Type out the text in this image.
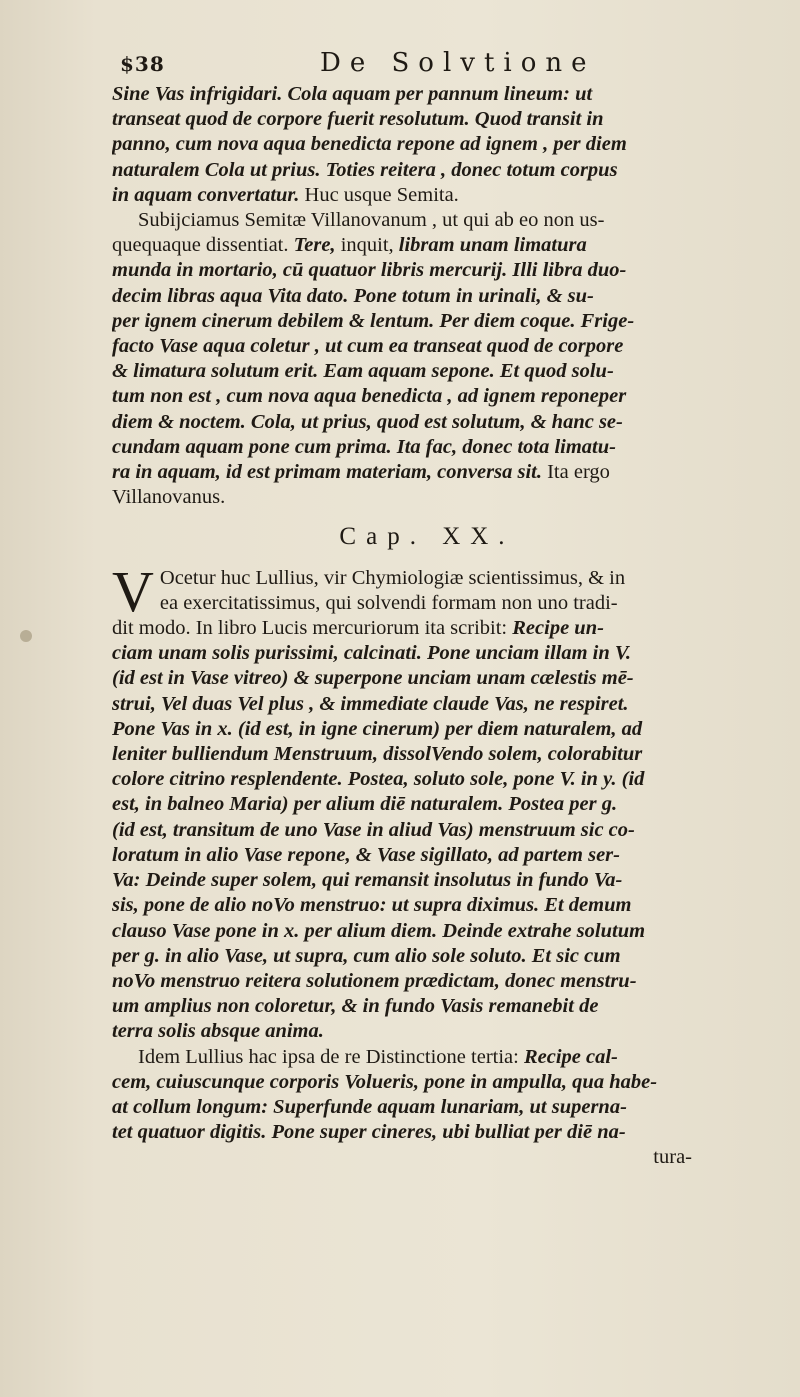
$38	De Solvtione
Sine Vas infrigidari. Cola aquam per pannum lineum: ut
transeat quod de corpore fuerit resolutum. Quod transit in
panno, cum nova aqua benedicta repone ad ignem , per diem
naturalem Cola ut prius. Toties reitera , donec totum corpus
in aquam convertatur. Huc usque Semita.
Subijciamus Semitæ Villanovanum , ut qui ab eo non us-
quequaque dissentiat. Tere, inquit, libram unam limatura
munda in mortario, cū quatuor libris mercurij. Illi libra duo-
decim libras aqua Vita dato. Pone totum in urinali, & su-
per ignem cinerum debilem & lentum. Per diem coque. Frige-
facto Vase aqua coletur , ut cum ea transeat quod de corpore
& limatura solutum erit. Eam aquam sepone. Et quod solu-
tum non est , cum nova aqua benedicta , ad ignem reponeper
diem & noctem. Cola, ut prius, quod est solutum, & hanc se-
cundam aquam pone cum prima. Ita fac, donec tota limatu-
ra in aquam, id est primam materiam, conversa sit. Ita ergo
Villanovanus.
Cap. XX.
V Ocetur huc Lullius, vir Chymiologiæ scientissimus, & in
ea exercitatissimus, qui solvendi formam non uno tradi-
dit modo. In libro Lucis mercuriorum ita scribit: Recipe un-
ciam unam solis purissimi, calcinati. Pone unciam illam in V.
(id est in Vase vitreo) & superpone unciam unam cælestis mē-
strui, Vel duas Vel plus , & immediate claude Vas, ne respiret.
Pone Vas in x. (id est, in igne cinerum) per diem naturalem, ad
leniter bulliendum Menstruum, dissolVendo solem, colorabitur
colore citrino resplendente. Postea, soluto sole, pone V. in y. (id
est, in balneo Maria) per alium diē naturalem. Postea per g.
(id est, transitum de uno Vase in aliud Vas) menstruum sic co-
loratum in alio Vase repone, & Vase sigillato, ad partem ser-
Va: Deinde super solem, qui remansit insolutus in fundo Va-
sis, pone de alio noVo menstruo: ut supra diximus. Et demum
clauso Vase pone in x. per alium diem. Deinde extrahe solutum
per g. in alio Vase, ut supra, cum alio sole soluto. Et sic cum
noVo menstruo reitera solutionem prædictam, donec menstru-
um amplius non coloretur, & in fundo Vasis remanebit de
terra solis absque anima.
Idem Lullius hac ipsa de re Distinctione tertia: Recipe cal-
cem, cuiuscunque corporis Volueris, pone in ampulla, qua habe-
at collum longum: Superfunde aquam lunariam, ut superna-
tet quatuor digitis. Pone super cineres, ubi bulliat per diē na-
tura-
